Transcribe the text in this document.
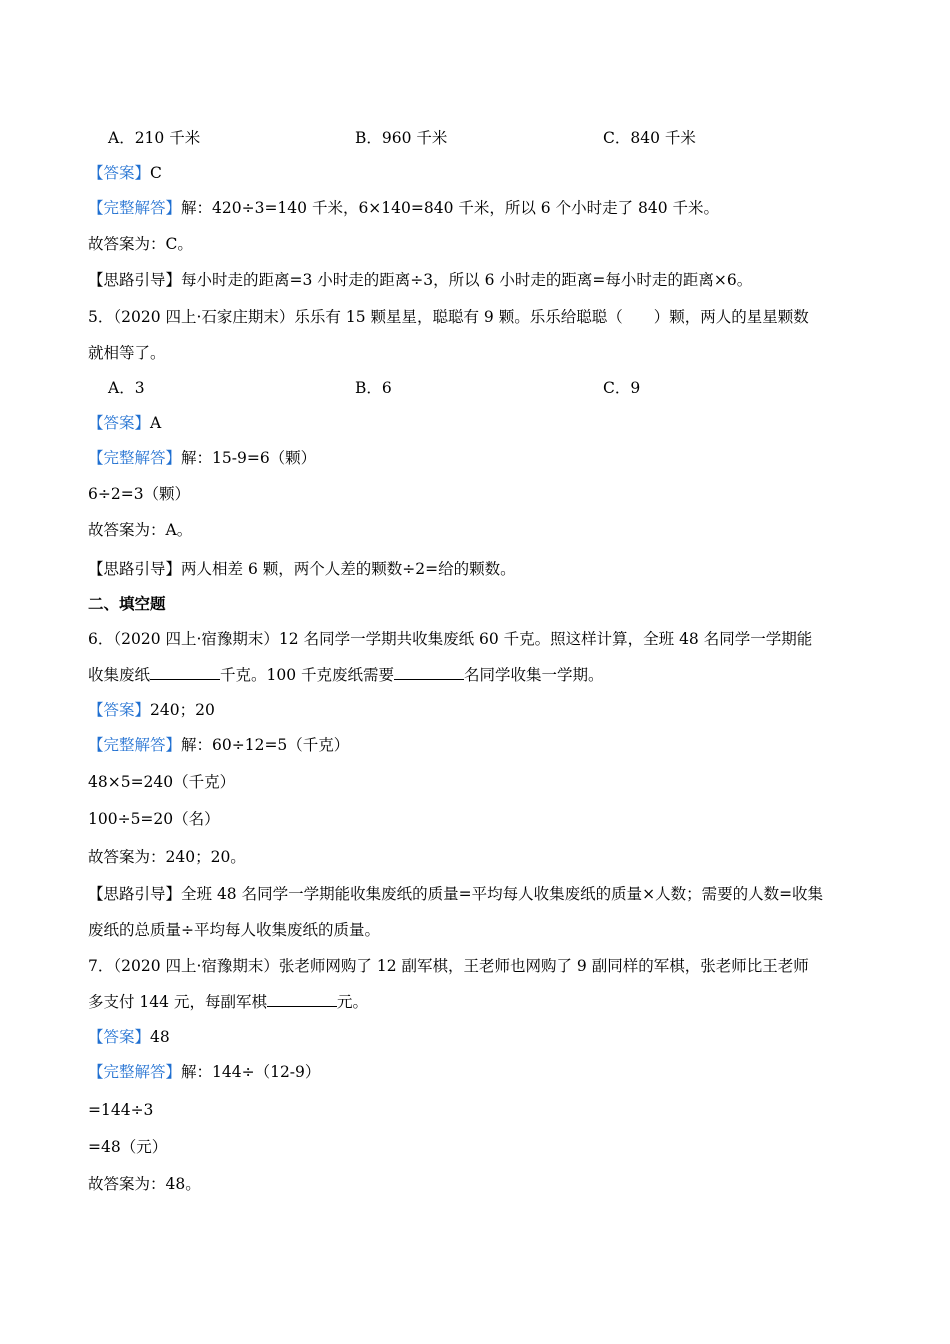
A．210 千米	B．960 千米	C．840 千米
【答案】C
【完整解答】解：420÷3=140 千米，6×140=840 千米，所以 6 个小时走了 840 千米。
故答案为：C。
【思路引导】每小时走的距离=3 小时走的距离÷3，所以 6 小时走的距离=每小时走的距离×6。
5．（2020 四上·石家庄期末）乐乐有 15 颗星星，聪聪有 9 颗。乐乐给聪聪（　　）颗，两人的星星颗数
就相等了。
A．3	B．6	C．9
【答案】A
【完整解答】解：15-9=6（颗）
6÷2=3（颗）
故答案为：A。
【思路引导】两人相差 6 颗，两个人差的颗数÷2=给的颗数。
二、填空题
6．（2020 四上·宿豫期末）12 名同学一学期共收集废纸 60 千克。照这样计算，全班 48 名同学一学期能
收集废纸	千克。100 千克废纸需要	名同学收集一学期。
【答案】240；20
【完整解答】解：60÷12=5（千克）
48×5=240（千克）
100÷5=20（名）
故答案为：240；20。
【思路引导】全班 48 名同学一学期能收集废纸的质量=平均每人收集废纸的质量×人数；需要的人数=收集
废纸的总质量÷平均每人收集废纸的质量。
7．（2020 四上·宿豫期末）张老师网购了 12 副军棋，王老师也网购了 9 副同样的军棋，张老师比王老师
多支付 144 元，每副军棋	元。
【答案】48
【完整解答】解：144÷（12-9）
=144÷3
=48（元）
故答案为：48。
